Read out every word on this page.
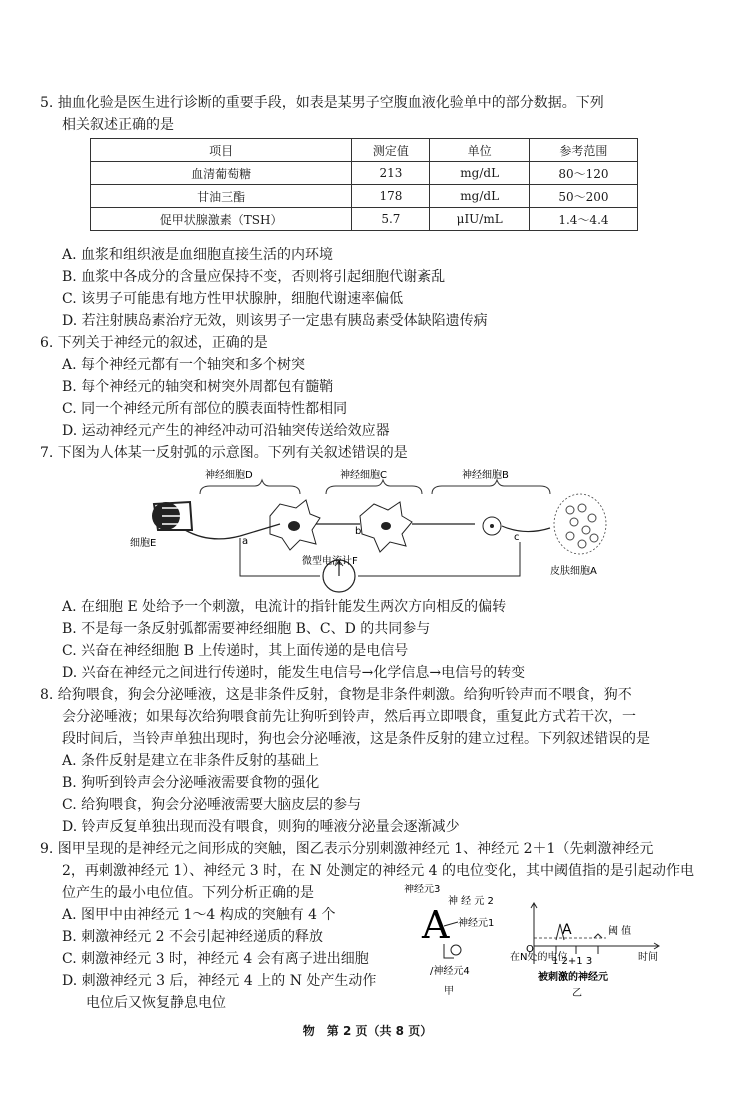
5. 抽血化验是医生进行诊断的重要手段，如表是某男子空腹血液化验单中的部分数据。下列
相关叙述正确的是
项目	测定值	单位	参考范围
血清葡萄糖	213	mg/dL	80～120
甘油三酯	178	mg/dL	50～200
促甲状腺激素（TSH）	5.7	μIU/mL	1.4～4.4
A. 血浆和组织液是血细胞直接生活的内环境
B. 血浆中各成分的含量应保持不变，否则将引起细胞代谢紊乱
C. 该男子可能患有地方性甲状腺肿，细胞代谢速率偏低
D. 若注射胰岛素治疗无效，则该男子一定患有胰岛素受体缺陷遗传病
6. 下列关于神经元的叙述，正确的是
A. 每个神经元都有一个轴突和多个树突
B. 每个神经元的轴突和树突外周都包有髓鞘
C. 同一个神经元所有部位的膜表面特性都相同
D. 运动神经元产生的神经冲动可沿轴突传送给效应器
7. 下图为人体某一反射弧的示意图。下列有关叙述错误的是
神经细胞D	神经细胞C	神经细胞B
细胞E
微型电流计F
皮肤细胞A
a
b
c
A. 在细胞 E 处给予一个刺激，电流计的指针能发生两次方向相反的偏转
B. 不是每一条反射弧都需要神经细胞 B、C、D 的共同参与
C. 兴奋在神经细胞 B 上传递时，其上面传递的是电信号
D. 兴奋在神经元之间进行传递时，能发生电信号→化学信息→电信号的转变
8. 给狗喂食，狗会分泌唾液，这是非条件反射，食物是非条件刺激。给狗听铃声而不喂食，狗不
会分泌唾液；如果每次给狗喂食前先让狗听到铃声，然后再立即喂食，重复此方式若干次，一
段时间后，当铃声单独出现时，狗也会分泌唾液，这是条件反射的建立过程。下列叙述错误的是
A. 条件反射是建立在非条件反射的基础上
B. 狗听到铃声会分泌唾液需要食物的强化
C. 给狗喂食，狗会分泌唾液需要大脑皮层的参与
D. 铃声反复单独出现而没有喂食，则狗的唾液分泌量会逐渐减少
9. 图甲呈现的是神经元之间形成的突触，图乙表示分别刺激神经元 1、神经元 2＋1（先刺激神经元
2，再刺激神经元 1）、神经元 3 时，在 N 处测定的神经元 4 的电位变化，其中阈值指的是引起动作电
位产生的最小电位值。下列分析正确的是
A. 图甲中由神经元 1～4 构成的突触有 4 个
B. 刺激神经元 2 不会引起神经递质的释放
C. 刺激神经元 3 时，神经元 4 会有离子进出细胞
D. 刺激神经元 3 后，神经元 4 上的 N 处产生动作
电位后又恢复静息电位
神经元3
神 经 元 2
A 神经元1
/神经元4
甲
O
A	阈 值
在N处的电位	时间
1 2+1 3
被刺激的神经元
乙
物　第 2 页（共 8 页）
